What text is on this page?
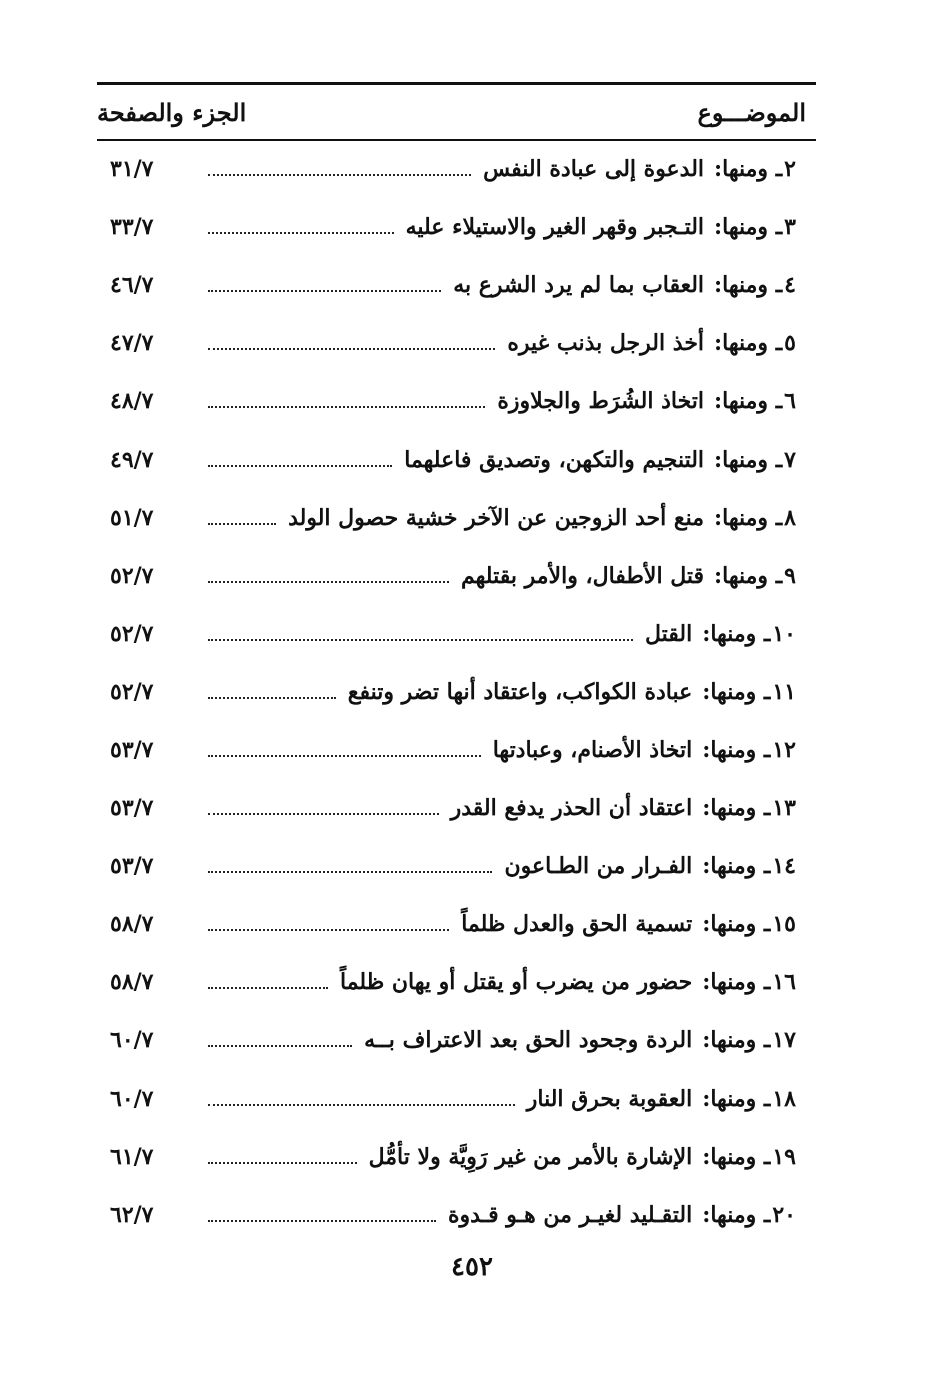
الموضـــوع
الجزء والصفحة
٢
ـ ومنها:
الدعوة إلى عبادة النفس
٣١/٧
٣
ـ ومنها:
التـجبر وقهر الغير والاستيلاء عليه
٣٣/٧
٤
ـ ومنها:
العقاب بما لم يرد الشرع به
٤٦/٧
٥
ـ ومنها:
أخذ الرجل بذنب غيره
٤٧/٧
٦
ـ ومنها:
اتخاذ الشُرَط والجلاوزة
٤٨/٧
٧
ـ ومنها:
التنجيم والتكهن، وتصديق فاعلهما
٤٩/٧
٨
ـ ومنها:
منع أحد الزوجين عن الآخر خشية حصول الولد
٥١/٧
٩
ـ ومنها:
قتل الأطفال، والأمر بقتلهم
٥٢/٧
١٠
ـ ومنها:
القتل
٥٢/٧
١١
ـ ومنها:
عبادة الكواكب، واعتقاد أنها تضر وتنفع
٥٢/٧
١٢
ـ ومنها:
اتخاذ الأصنام، وعبادتها
٥٣/٧
١٣
ـ ومنها:
اعتقاد أن الحذر يدفع القدر
٥٣/٧
١٤
ـ ومنها:
الفـرار من الطـاعون
٥٣/٧
١٥
ـ ومنها:
تسمية الحق والعدل ظلماً
٥٨/٧
١٦
ـ ومنها:
حضور من يضرب أو يقتل أو يهان ظلماً
٥٨/٧
١٧
ـ ومنها:
الردة وجحود الحق بعد الاعتراف بــه
٦٠/٧
١٨
ـ ومنها:
العقوبة بحرق النار
٦٠/٧
١٩
ـ ومنها:
الإشارة بالأمر من غير رَوِيَّة ولا تأمُّل
٦١/٧
٢٠
ـ ومنها:
التقـليد لغيـر من هـو قـدوة
٦٢/٧
٤٥٢
